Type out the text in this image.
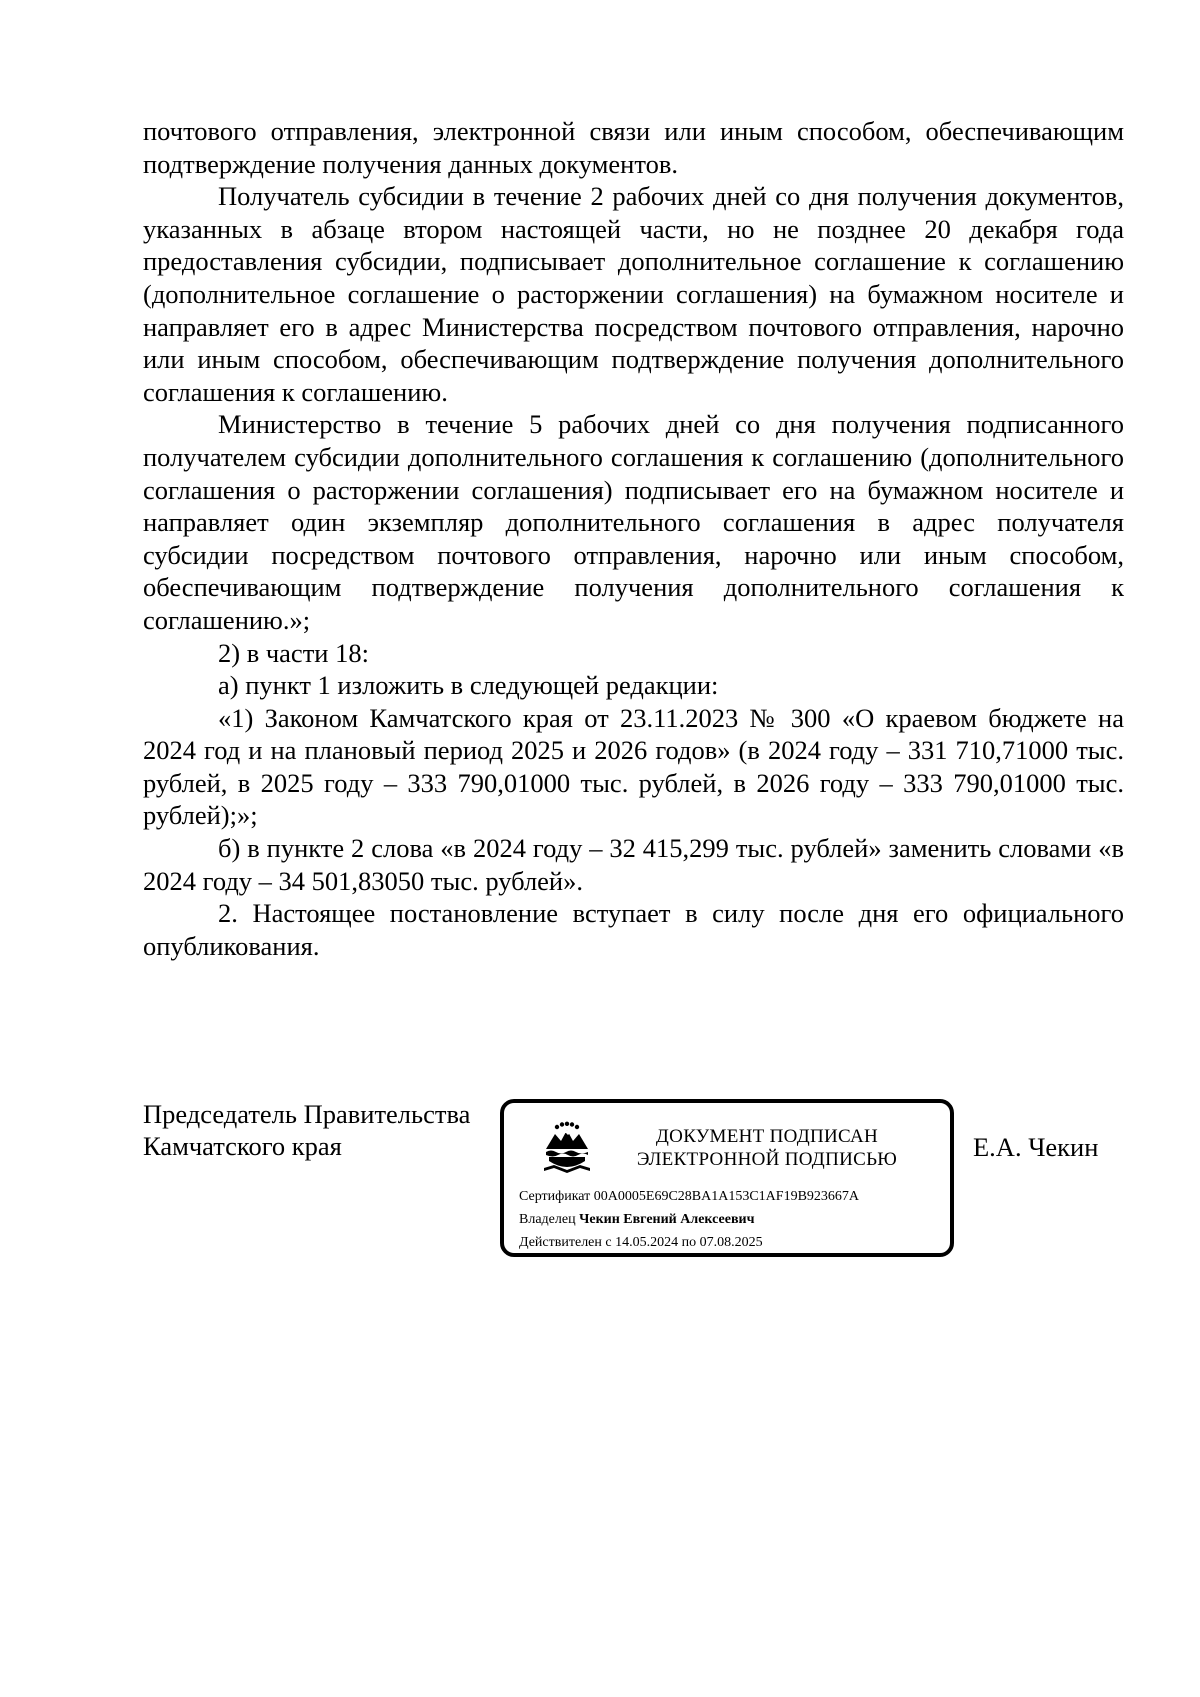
почтового отправления, электронной связи или иным способом, обеспечивающим подтверждение получения данных документов.

Получатель субсидии в течение 2 рабочих дней со дня получения документов, указанных в абзаце втором настоящей части, но не позднее 20 декабря года предоставления субсидии, подписывает дополнительное соглашение к соглашению (дополнительное соглашение о расторжении соглашения) на бумажном носителе и направляет его в адрес Министерства посредством почтового отправления, нарочно или иным способом, обеспечивающим подтверждение получения дополнительного соглашения к соглашению.

Министерство в течение 5 рабочих дней со дня получения подписанного получателем субсидии дополнительного соглашения к соглашению (дополнительного соглашения о расторжении соглашения) подписывает его на бумажном носителе и направляет один экземпляр дополнительного соглашения в адрес получателя субсидии посредством почтового отправления, нарочно или иным способом, обеспечивающим подтверждение получения дополнительного соглашения к соглашению.»;

2) в части 18:

а) пункт 1 изложить в следующей редакции:

«1) Законом Камчатского края от 23.11.2023 № 300 «О краевом бюджете на 2024 год и на плановый период 2025 и 2026 годов» (в 2024 году – 331 710,71000 тыс. рублей, в 2025 году – 333 790,01000 тыс. рублей, в 2026 году – 333 790,01000 тыс. рублей);»;

б) в пункте 2 слова «в 2024 году – 32 415,299 тыс. рублей» заменить словами «в 2024 году – 34 501,83050 тыс. рублей».

2. Настоящее постановление вступает в силу после дня его официального опубликования.

Председатель Правительства
Камчатского края	ДОКУМЕНТ ПОДПИСАН
ЭЛЕКТРОННОЙ ПОДПИСЬЮ
Сертификат 00A0005E69C28BA1A153C1AF19B923667A
Владелец Чекин Евгений Алексеевич
Действителен с 14.05.2024 по 07.08.2025
Е.А. Чекин
